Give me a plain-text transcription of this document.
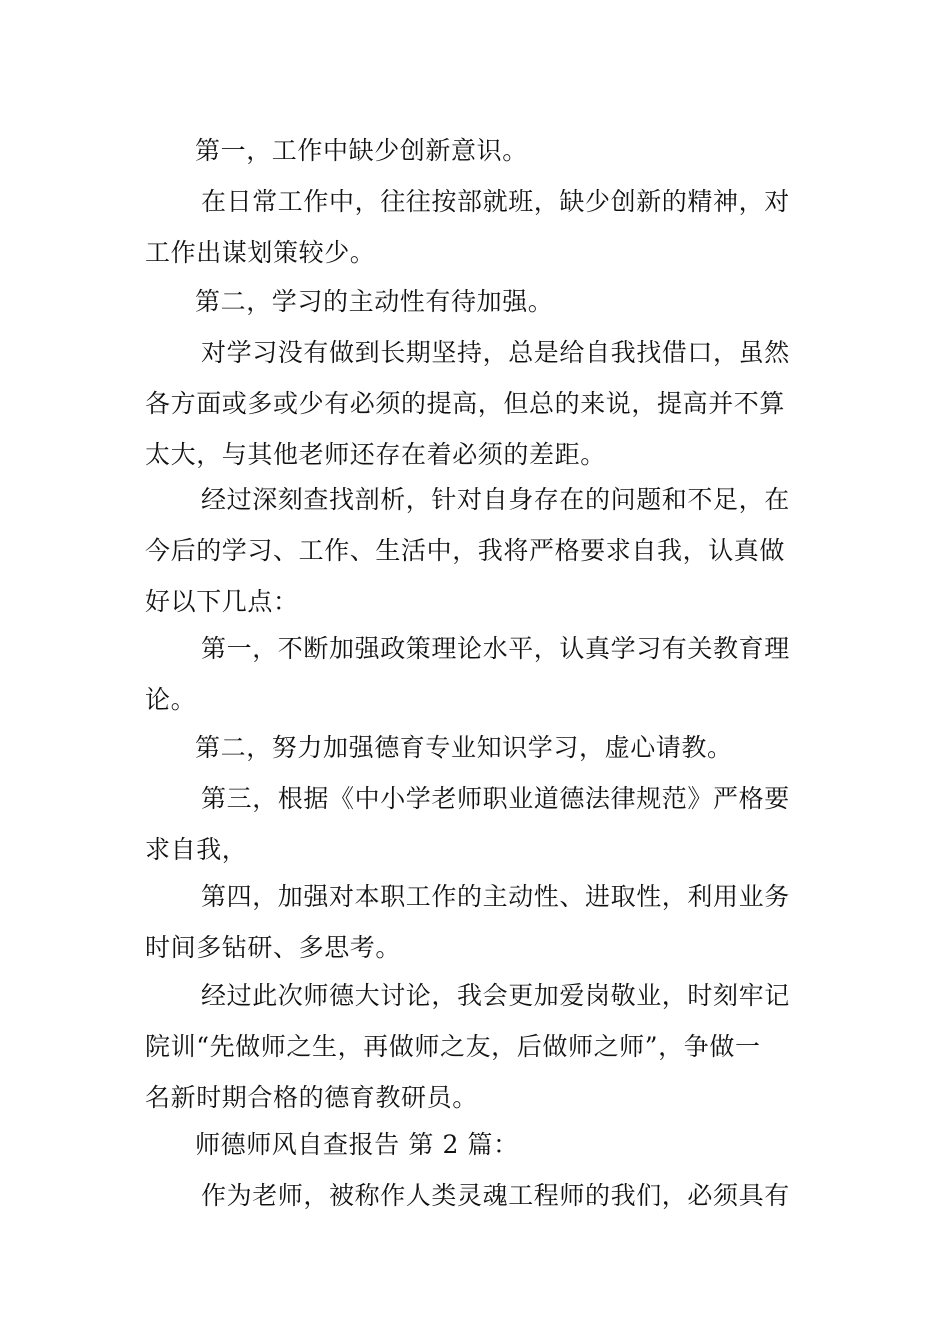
第一，工作中缺少创新意识。

在日常工作中，往往按部就班，缺少创新的精神，对
工作出谋划策较少。

第二，学习的主动性有待加强。

对学习没有做到长期坚持，总是给自我找借口，虽然
各方面或多或少有必须的提高，但总的来说，提高并不算
太大，与其他老师还存在着必须的差距。

经过深刻查找剖析，针对自身存在的问题和不足，在
今后的学习、工作、生活中，我将严格要求自我，认真做
好以下几点：

第一，不断加强政策理论水平，认真学习有关教育理
论。

第二，努力加强德育专业知识学习，虚心请教。

第三，根据《中小学老师职业道德法律规范》严格要
求自我，

第四，加强对本职工作的主动性、进取性，利用业务
时间多钻研、多思考。

经过此次师德大讨论，我会更加爱岗敬业，时刻牢记
院训“先做师之生，再做师之友，后做师之师”，争做一
名新时期合格的德育教研员。

师德师风自查报告 第 2 篇：

作为老师，被称作人类灵魂工程师的我们，必须具有
